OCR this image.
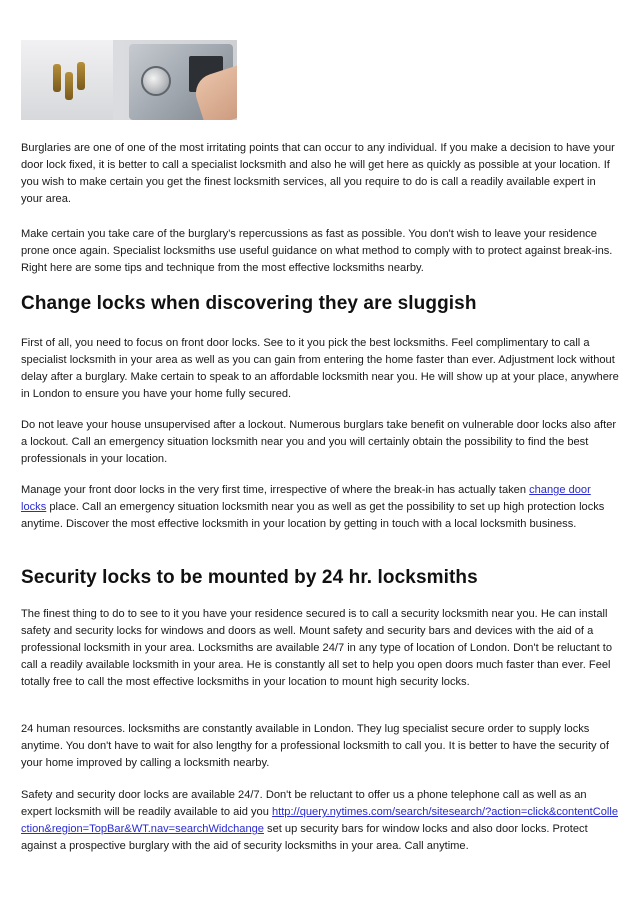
Burglaries are one of one of the most irritating points that can occur to any individual. If you make a decision to have your door lock fixed, it is better to call a specialist locksmith and also he will get here as quickly as possible at your location. If you wish to make certain you get the finest locksmith services, all you require to do is call a readily available expert in your area.

Make certain you take care of the burglary's repercussions as fast as possible. You don't wish to leave your residence prone once again. Specialist locksmiths use useful guidance on what method to comply with to protect against break-ins. Right here are some tips and technique from the most effective locksmiths nearby.

Change locks when discovering they are sluggish

First of all, you need to focus on front door locks. See to it you pick the best locksmiths. Feel complimentary to call a specialist locksmith in your area as well as you can gain from entering the home faster than ever. Adjustment lock without delay after a burglary. Make certain to speak to an affordable locksmith near you. He will show up at your place, anywhere in London to ensure you have your home fully secured.

Do not leave your house unsupervised after a lockout. Numerous burglars take benefit on vulnerable door locks also after a lockout. Call an emergency situation locksmith near you and you will certainly obtain the possibility to find the best professionals in your location.

Manage your front door locks in the very first time, irrespective of where the break-in has actually taken change door locks place. Call an emergency situation locksmith near you as well as get the possibility to set up high protection locks anytime. Discover the most effective locksmith in your location by getting in touch with a local locksmith business.

Security locks to be mounted by 24 hr. locksmiths

The finest thing to do to see to it you have your residence secured is to call a security locksmith near you. He can install safety and security locks for windows and doors as well. Mount safety and security bars and devices with the aid of a professional locksmith in your area. Locksmiths are available 24/7 in any type of location of London. Don't be reluctant to call a readily available locksmith in your area. He is constantly all set to help you open doors much faster than ever. Feel totally free to call the most effective locksmiths in your location to mount high security locks.

24 human resources. locksmiths are constantly available in London. They lug specialist secure order to supply locks anytime. You don't have to wait for also lengthy for a professional locksmith to call you. It is better to have the security of your home improved by calling a locksmith nearby.

Safety and security door locks are available 24/7. Don't be reluctant to offer us a phone telephone call as well as an expert locksmith will be readily available to aid you http://query.nytimes.com/search/sitesearch/?action=click&contentCollection&region=TopBar&WT.nav=searchWidchange set up security bars for window locks and also door locks. Protect against a prospective burglary with the aid of security locksmiths in your area. Call anytime.
